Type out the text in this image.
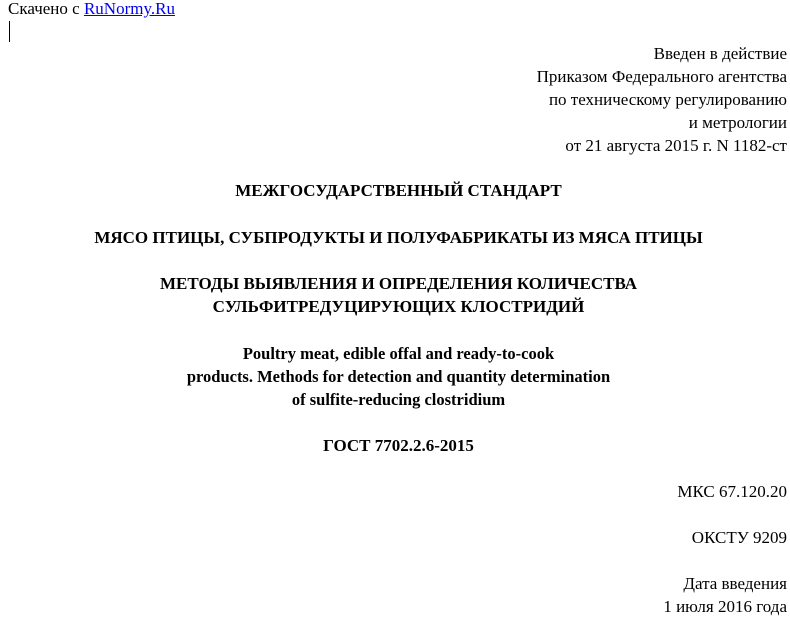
Скачено с RuNormy.Ru
Введен в действие
Приказом Федерального агентства
по техническому регулированию
и метрологии
от 21 августа 2015 г. N 1182-ст
МЕЖГОСУДАРСТВЕННЫЙ СТАНДАРТ
МЯСО ПТИЦЫ, СУБПРОДУКТЫ И ПОЛУФАБРИКАТЫ ИЗ МЯСА ПТИЦЫ
МЕТОДЫ ВЫЯВЛЕНИЯ И ОПРЕДЕЛЕНИЯ КОЛИЧЕСТВА
СУЛЬФИТРЕДУЦИРУЮЩИХ КЛОСТРИДИЙ
Poultry meat, edible offal and ready-to-cook
products. Methods for detection and quantity determination
of sulfite-reducing clostridium
ГОСТ 7702.2.6-2015
МКС 67.120.20
ОКСТУ 9209
Дата введения
1 июля 2016 года
